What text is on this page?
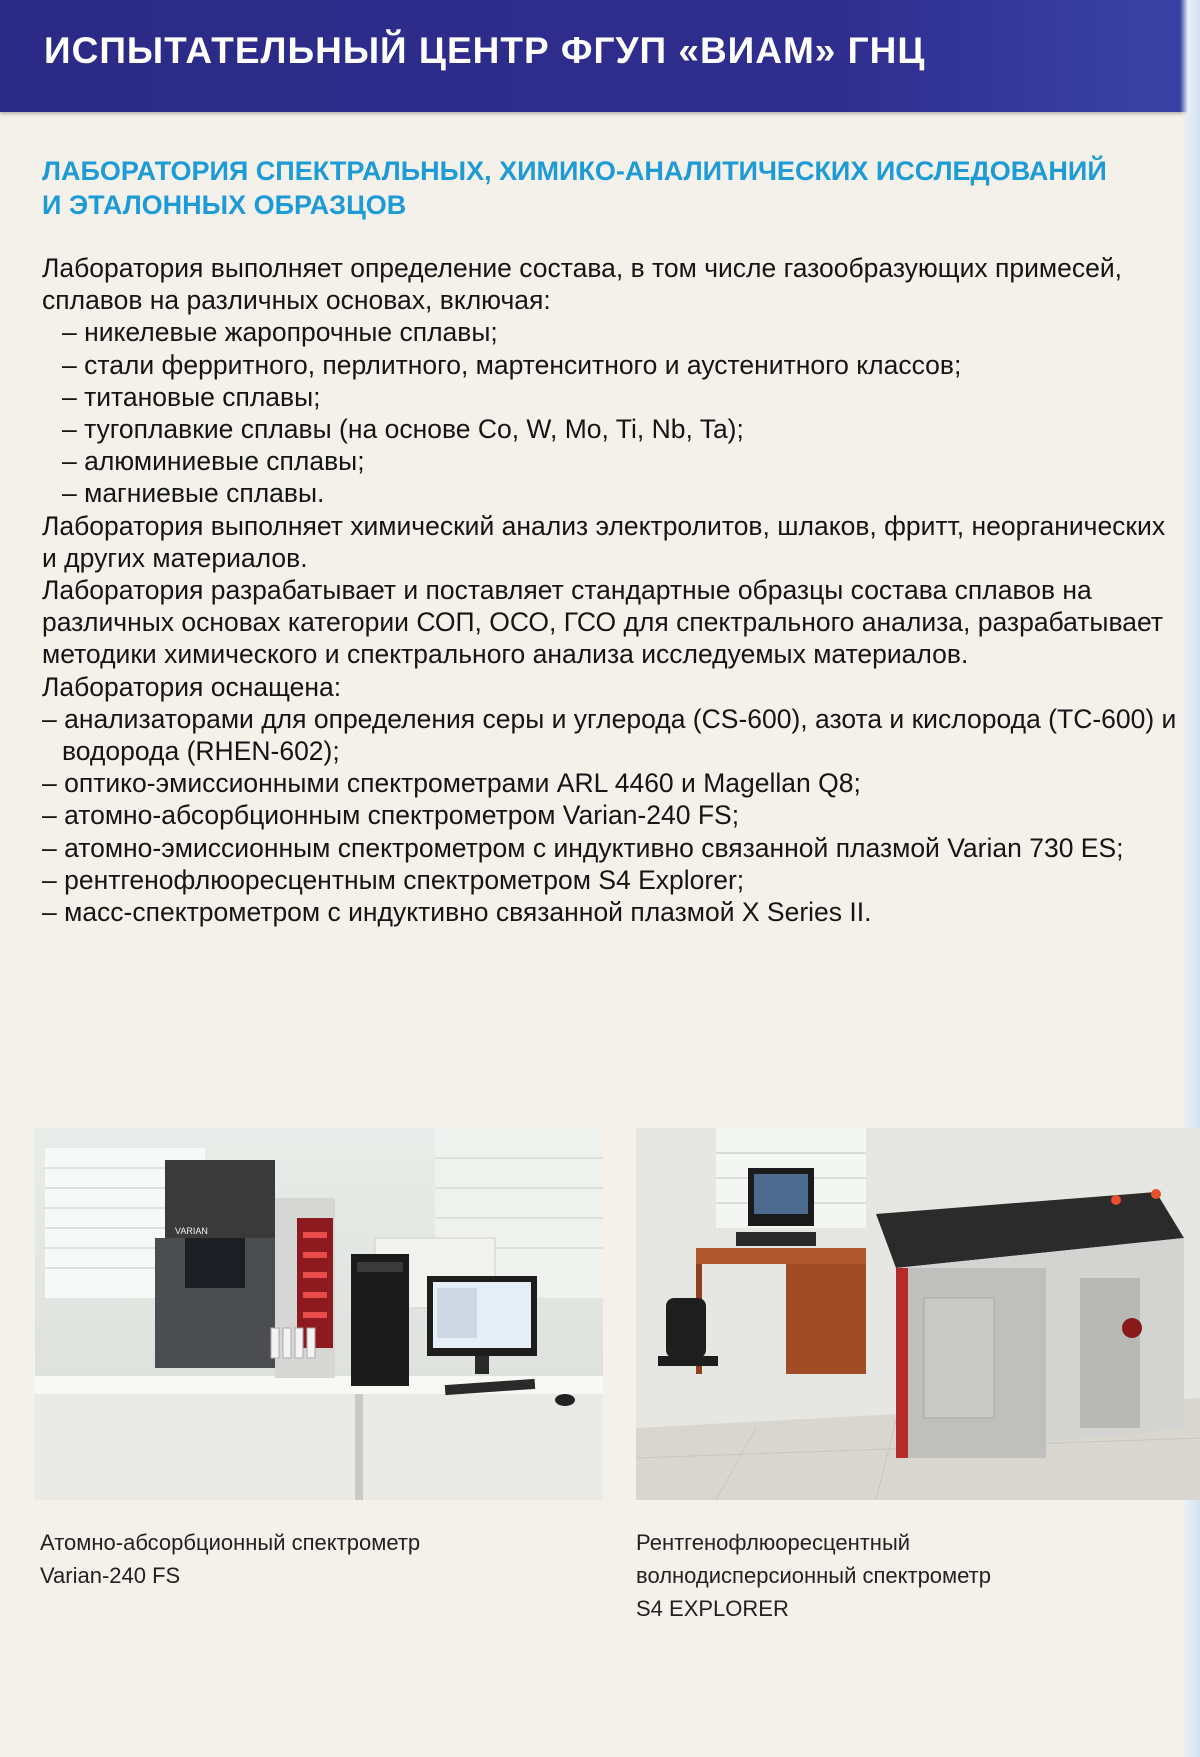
ИСПЫТАТЕЛЬНЫЙ ЦЕНТР ФГУП «ВИАМ» ГНЦ
ЛАБОРАТОРИЯ СПЕКТРАЛЬНЫХ, ХИМИКО-АНАЛИТИЧЕСКИХ ИССЛЕДОВАНИЙ
И ЭТАЛОННЫХ ОБРАЗЦОВ

Лаборатория выполняет определение состава, в том числе газообразующих примесей, сплавов на различных основах, включая:

– никелевые жаропрочные сплавы;
– стали ферритного, перлитного, мартенситного и аустенитного классов;
– титановые сплавы;
– тугоплавкие сплавы (на основе Co, W, Mo, Ti, Nb, Ta);
– алюминиевые сплавы;
– магниевые сплавы.

Лаборатория выполняет химический анализ электролитов, шлаков, фритт, неорганических и других материалов.

Лаборатория разрабатывает и поставляет стандартные образцы состава сплавов на различных основах категории СОП, ОСО, ГСО для спектрального анализа, разрабатывает методики химического и спектрального анализа исследуемых материалов.

Лаборатория оснащена:

– анализаторами для определения серы и углерода (CS-600), азота и кислорода (ТС-600) и водорода (RHEN-602);
– оптико-эмиссионными спектрометрами ARL 4460 и Magellan Q8;
– атомно-абсорбционным спектрометром Varian-240 FS;
– атомно-эмиссионным спектрометром с индуктивно связанной плазмой Varian 730 ES;
– рентгенофлюоресцентным спектрометром S4 Explorer;
– масс-спектрометром с индуктивно связанной плазмой X Series II.
VARIAN
Атомно-абсорбционный спектрометр
Varian-240 FS
Рентгенофлюоресцентный
волнодисперсионный спектрометр
S4 EXPLORER
